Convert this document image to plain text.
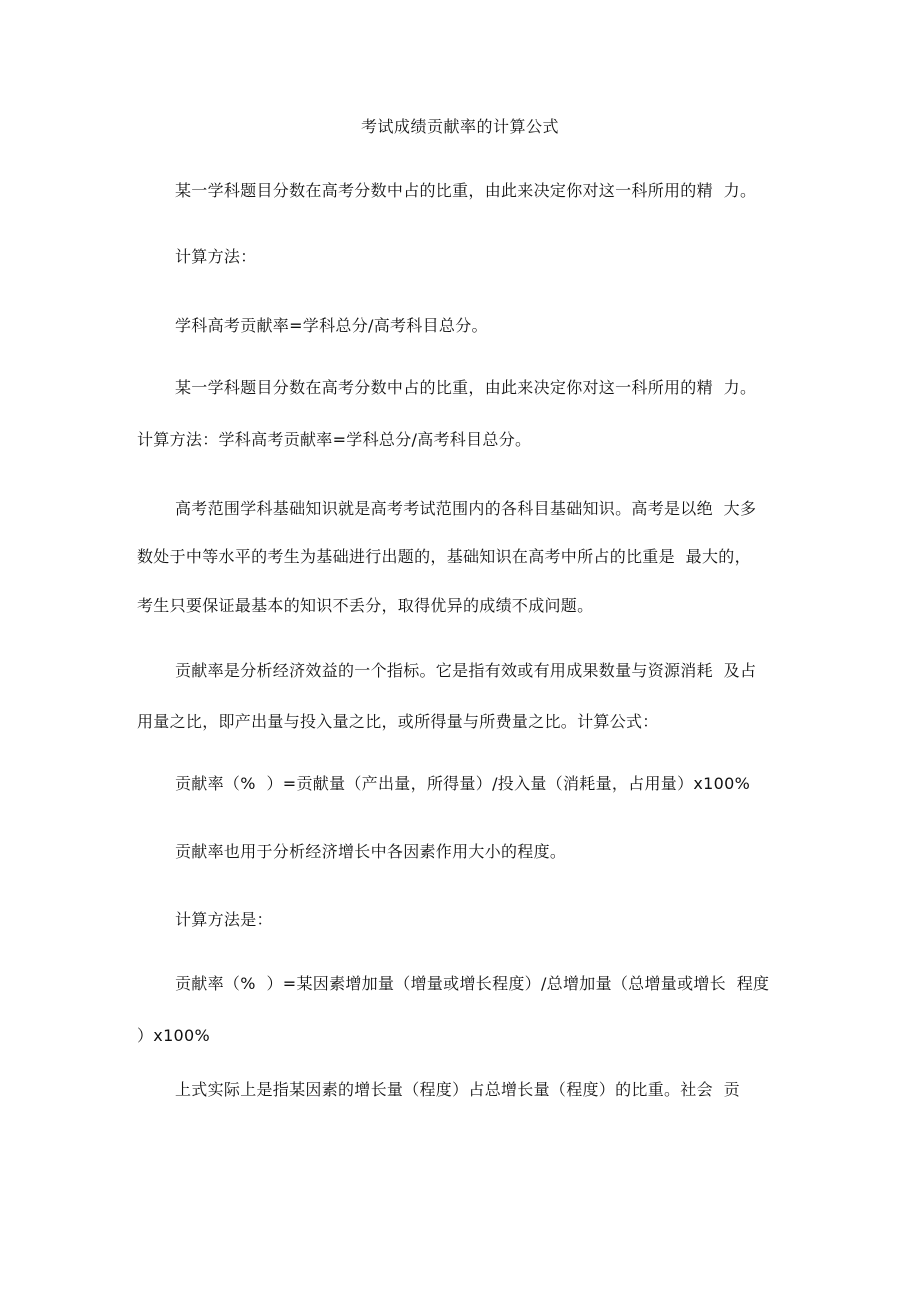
考试成绩贡献率的计算公式
某一学科题目分数在高考分数中占的比重，由此来决定你对这一科所用的精  力。
计算方法：
学科高考贡献率=学科总分/高考科目总分。
某一学科题目分数在高考分数中占的比重，由此来决定你对这一科所用的精  力。
计算方法：学科高考贡献率=学科总分/高考科目总分。
高考范围学科基础知识就是高考考试范围内的各科目基础知识。高考是以绝  大多
数处于中等水平的考生为基础进行出题的，基础知识在高考中所占的比重是  最大的，
考生只要保证最基本的知识不丢分，取得优异的成绩不成问题。
贡献率是分析经济效益的一个指标。它是指有效或有用成果数量与资源消耗  及占
用量之比，即产出量与投入量之比，或所得量与所费量之比。计算公式：
贡献率（%  ）=贡献量（产出量，所得量）/投入量（消耗量，占用量）x100%
贡献率也用于分析经济增长中各因素作用大小的程度。
计算方法是：
贡献率（%  ）=某因素增加量（增量或增长程度）/总增加量（总增量或增长  程度
）x100%
上式实际上是指某因素的增长量（程度）占总增长量（程度）的比重。社会  贡
